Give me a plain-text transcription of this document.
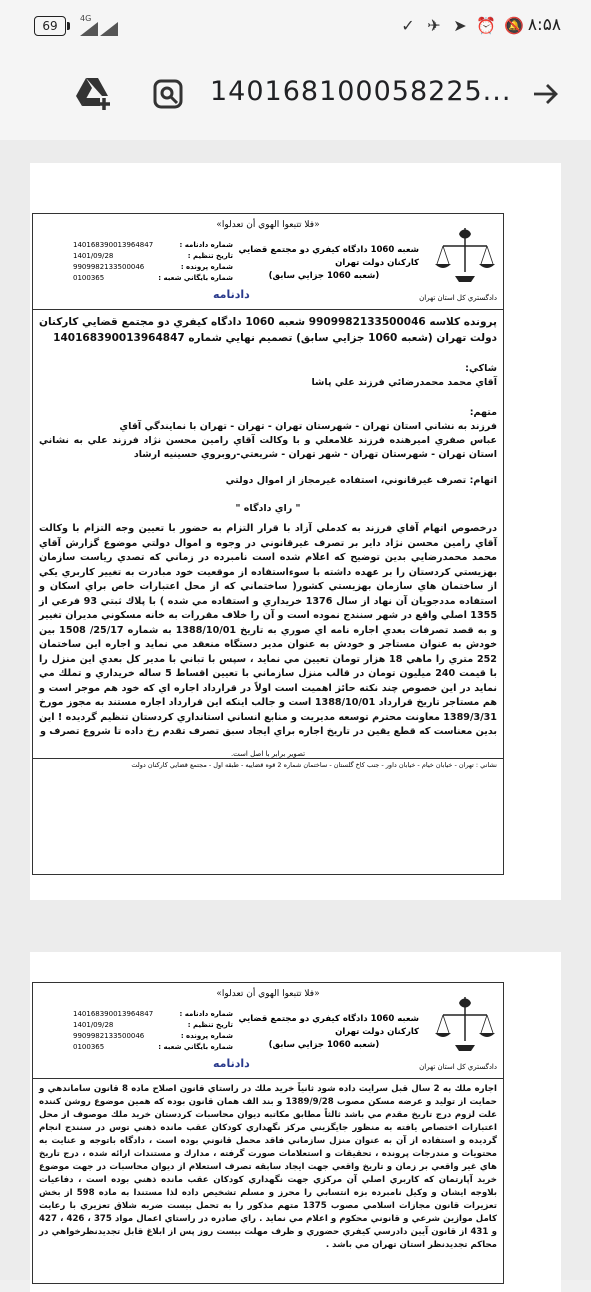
69
4G	✓ ✈ ➤ ⏰ 🔕 ۸:۵۸
140168100058225...
«فلا تتبعوا الهوي أن تعدلوا»
دادگستري كل استان تهران
شعبه 1060 دادگاه كيفري دو مجتمع قضايي كاركنان دولت تهران
(شعبه 1060 جزايي سابق)
دادنامه
شماره دادنامه :
140168390013964847
تاريخ تنظيم :
1401/09/28
شماره پرونده :
9909982133500046
شماره بايگاني شعبه :
0100365
پرونده كلاسه 9909982133500046 شعبه 1060 دادگاه كيفري دو مجتمع قضايي كاركنان دولت تهران (شعبه 1060 جزايي سابق) تصميم نهايي شماره 140168390013964847
شاكي:
آقاي محمد محمدرضائي فرزند علي پاشا
متهم:
فرزند به نشاني استان تهران - شهرستان تهران - تهران - تهران با نمايندگي آقاي
عباس صفري اميرهنده فرزند غلامعلي و با وكالت آقاي رامين محسن نژاد فرزند علي به نشاني استان تهران - شهرستان تهران - شهر تهران - شريعتي-روبروي حسينيه ارشاد
اتهام: تصرف غيرقانوني، استفاده غيرمجاز از اموال دولتي
" راي دادگاه "
درخصوص اتهام آقاي فرزند به كدملي آزاد با قرار التزام به حضور با تعيين وجه التزام با وكالت آقاي رامين محسن نژاد داير بر تصرف غيرقانوني در وجوه و اموال دولتي موضوع گزارش آقاي محمد محمدرضايي بدين توضيح كه اعلام شده است نامبرده در زماني كه تصدي رياست سازمان بهزيستي كردستان را بر عهده داشته با سوءاستفاده از موقعيت خود مبادرت به تغيير كاربري يكي از ساختمان هاي سازمان بهزيستي كشور( ساختماني كه از محل اعتبارات خاص براي اسكان و استفاده مددجويان آن نهاد از سال 1376 خريداري و استفاده مي شده ) با پلاك ثبتي 93 فرعي از 1355 اصلي واقع در شهر سنندج نموده است و آن را خلاف مقررات به خانه مسكوني مديران تغيير و به قصد تصرفات بعدي اجاره نامه اي صوري به تاريخ 1388/10/01 به شماره 25/17/ 1508 بين خودش به عنوان مستاجر و خودش به عنوان مدير دستگاه منعقد مي نمايد و اجاره اين ساختمان 252 متري را ماهي 18 هزار تومان تعيين مي نمايد ، سپس با تباني با مدير كل بعدي اين منزل را با قيمت 240 ميليون تومان در قالب منزل سازماني با تعيين اقساط 5 ساله خريداري و تملك مي نمايد در اين خصوص چند نكته حائز اهميت است اولاً در قرارداد اجاره اي كه خود هم موجر است و هم مستاجر تاريخ قرارداد 1388/10/01 است و جالب اينكه اين قرارداد اجاره مستند به مجوز مورخ 1389/3/31 معاونت محترم توسعه مديريت و منابع انساني استانداري كردستان تنظيم گرديده ! اين بدين معناست كه قطع يقين در تاريخ اجاره براي ايجاد سبق تصرف تقدم رخ داده تا شروع تصرف و
تصوير برابر با اصل است.
نشاني : تهران - خيابان خيام - خيابان داور - جنب كاخ گلستان - ساختمان شماره 2 قوه قضاييه - طبقه اول - مجتمع قضايي كاركنان دولت
«فلا تتبعوا الهوي أن تعدلوا»
دادگستري كل استان تهران
شعبه 1060 دادگاه كيفري دو مجتمع قضايي كاركنان دولت تهران
(شعبه 1060 جزايي سابق)
دادنامه
شماره دادنامه :
140168390013964847
تاريخ تنظيم :
1401/09/28
شماره پرونده :
9909982133500046
شماره بايگاني شعبه :
0100365
اجاره ملك به 2 سال قبل سرايت داده شود ثانياً خريد ملك در راستاي قانون اصلاح ماده 8 قانون ساماندهي و حمايت از توليد و عرضه مسكن مصوب 1389/9/28 و بند الف همان قانون بوده كه همين موضوع روشن كننده علت لزوم درج تاريخ مقدم مي باشد ثالثاً مطابق مكاتبه ديوان محاسبات كردستان خريد ملك موصوف از محل اعتبارات اختصاص يافته به منظور جايگزيني مركز نگهداري كودكان عقب مانده ذهني توس در سنندج انجام گرديده و استفاده از آن به عنوان منزل سازماني فاقد محمل قانوني بوده است ، دادگاه باتوجه و عنايت به محتويات و مندرجات پرونده ، تحقيقات و استعلامات صورت گرفته ، مدارك و مستندات ارائه شده ، درج تاريخ هاي غير واقعي بر زمان و تاريخ واقعي جهت ايجاد سابقه تصرف استعلام از ديوان محاسبات در جهت موضوع خريد آپارتمان كه كاربري اصلي آن مركزي جهت نگهداري كودكان عقب مانده ذهني بوده است ، دفاعيات بلاوجه ايشان و وكيل نامبرده بزه انتسابي را محرز و مسلم تشخيص داده لذا مستندا به ماده 598 از بخش تعزيرات قانون مجازات اسلامي مصوب 1375 متهم مذكور را به تحمل بيست ضربه شلاق تعزيري با رعايت كامل موازين شرعي و قانوني محكوم و اعلام مي نمايد . راي صادره در راستاي اعمال مواد 375 ، 426 ، 427 و 431 از قانون آيين دادرسي كيفري حضوري و ظرف مهلت بيست روز پس از ابلاغ قابل تجديدنظرخواهي در محاكم تجديدنظر استان تهران مي باشد .
